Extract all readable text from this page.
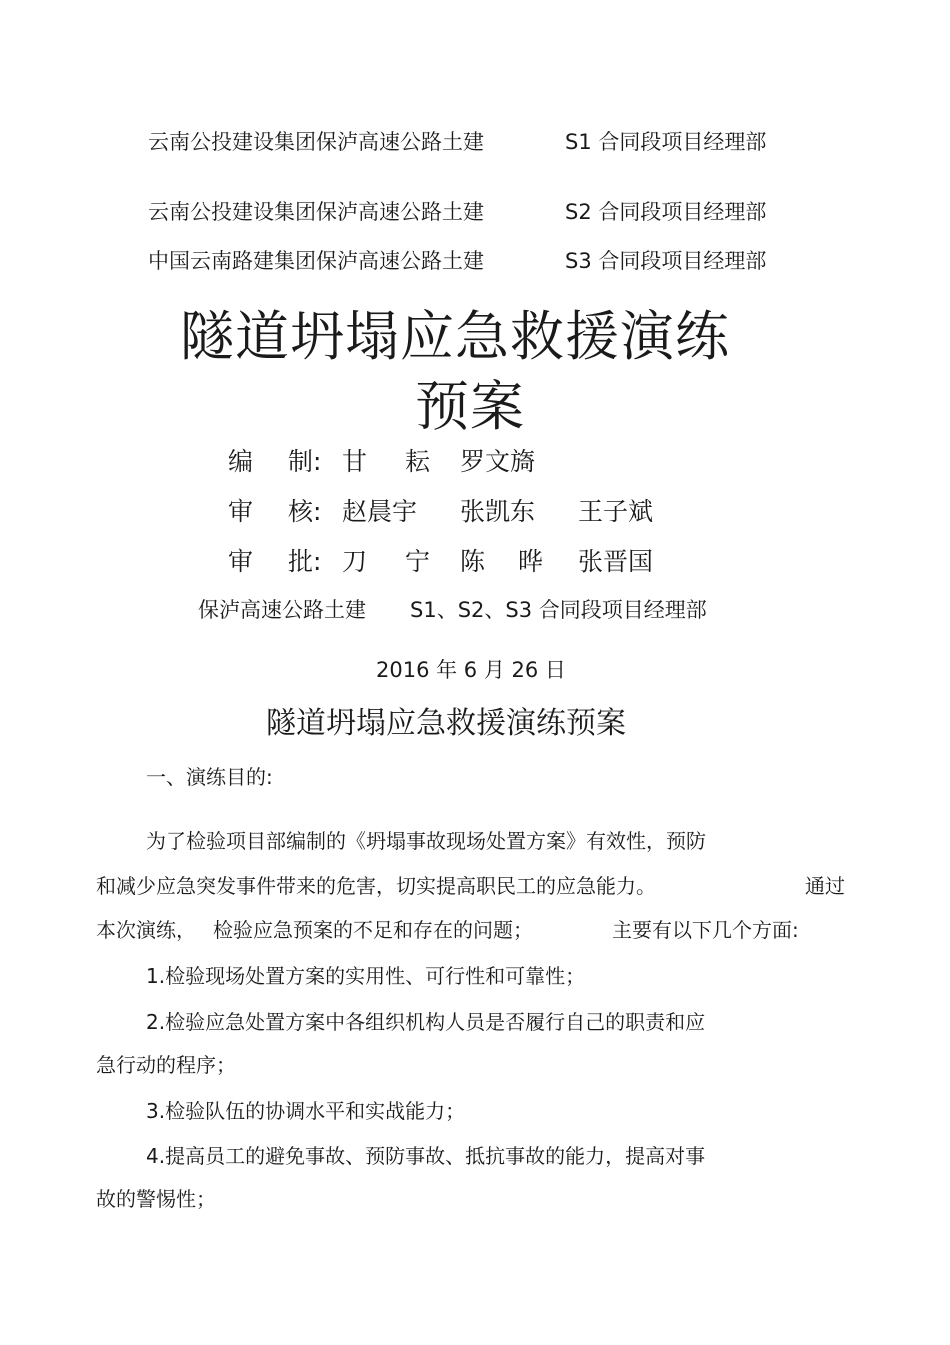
云南公投建设集团保泸高速公路土建	S1 合同段项目经理部
云南公投建设集团保泸高速公路土建	S2 合同段项目经理部
中国云南路建集团保泸高速公路土建	S3 合同段项目经理部
隧道坍塌应急救援演练
预案
编 制: 甘 耘 罗文旖
审 核: 赵晨宇 张凯东 王子斌
审 批: 刀 宁 陈 晔 张晋国
保泸高速公路土建 S1、S2、S3 合同段项目经理部
2016 年 6 月 26 日
隧道坍塌应急救援演练预案
一、演练目的:
为了检验项目部编制的《坍塌事故现场处置方案》有效性，预防
和减少应急突发事件带来的危害，切实提高职民工的应急能力。	通过
本次演练， 检验应急预案的不足和存在的问题；	主要有以下几个方面:
1.检验现场处置方案的实用性、可行性和可靠性；
2.检验应急处置方案中各组织机构人员是否履行自己的职责和应
急行动的程序；
3.检验队伍的协调水平和实战能力；
4.提高员工的避免事故、预防事故、抵抗事故的能力，提高对事
故的警惕性；
